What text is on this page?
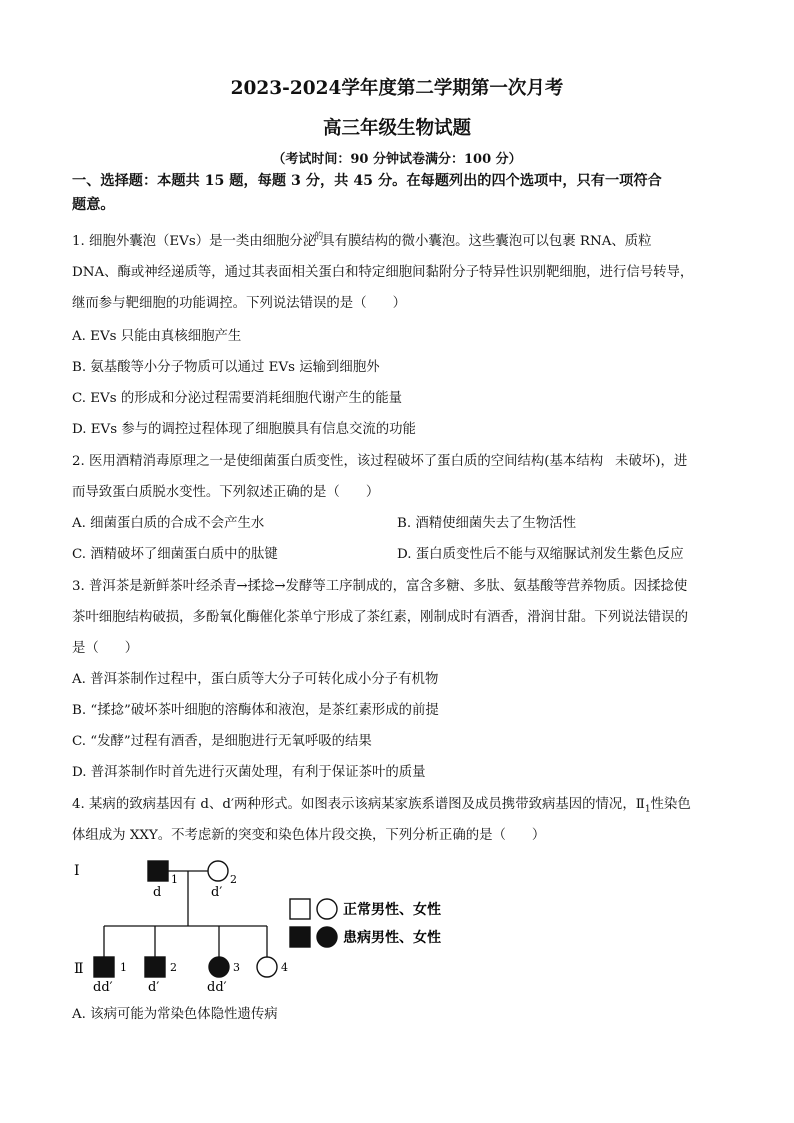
2023-2024学年度第二学期第一次月考
高三年级生物试题
（考试时间：90 分钟试卷满分：100 分）
一、选择题：本题共 15 题，每题 3 分，共 45 分。在每题列出的四个选项中，只有一项符合
题意。
1. 细胞外囊泡（EVs）是一类由细胞分泌$^的$具有膜结构的微小囊泡。这些囊泡可以包裹 RNA、质粒
DNA、酶或神经递质等，通过其表面相关蛋白和特定细胞间黏附分子特异性识别靶细胞，进行信号转导，
继而参与靶细胞的功能调控。下列说法错误的是（ ）
A. EVs 只能由真核细胞产生
B. 氨基酸等小分子物质可以通过 EVs 运输到细胞外
C. EVs 的形成和分泌过程需要消耗细胞代谢产生的能量
D. EVs 参与的调控过程体现了细胞膜具有信息交流的功能
2. 医用酒精消毒原理之一是使细菌蛋白质变性，该过程破坏了蛋白质的空间结构(基本结构 未破坏)，进
而导致蛋白质脱水变性。下列叙述正确的是（ ）
A. 细菌蛋白质的合成不会产生水	B. 酒精使细菌失去了生物活性
C. 酒精破坏了细菌蛋白质中的肽键	D. 蛋白质变性后不能与双缩脲试剂发生紫色反应
3. 普洱茶是新鲜茶叶经杀青→揉捻→发酵等工序制成的，富含多糖、多肽、氨基酸等营养物质。因揉捻使
茶叶细胞结构破损，多酚氧化酶催化茶单宁形成了茶红素，刚制成时有酒香，滑润甘甜。下列说法错误的
是（ ）
A. 普洱茶制作过程中，蛋白质等大分子可转化成小分子有机物
B. “揉捻”破坏茶叶细胞的溶酶体和液泡，是茶红素形成的前提
C. “发酵”过程有酒香，是细胞进行无氧呼吸的结果
D. 普洱茶制作时首先进行灭菌处理，有利于保证茶叶的质量
4. 某病的致病基因有 d、d′两种形式。如图表示该病某家族系谱图及成员携带致病基因的情况，$Ⅱ_1$性染色
体组成为 XXY。不考虑新的突变和染色体片段交换，下列分析正确的是（ ）
Ⅰ
Ⅱ
1
d
2
d′
1
dd′
2
d′
3
dd′
4
正常男性、女性
患病男性、女性
A. 该病可能为常染色体隐性遗传病
